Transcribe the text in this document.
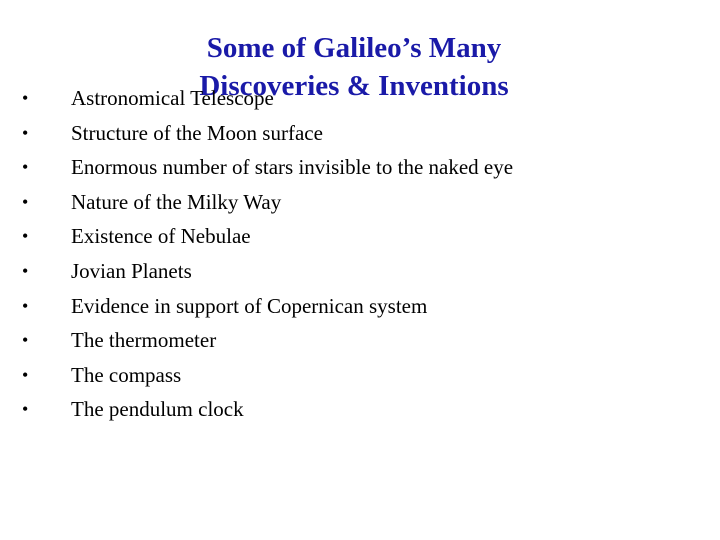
Some of Galileo’s Many
Discoveries & Inventions
•	Astronomical Telescope
•	Structure of the Moon surface
•	Enormous number of stars invisible to the naked eye
•	Nature of the Milky Way
•	Existence of Nebulae
•	Jovian Planets
•	Evidence in support of Copernican system
•	The thermometer
•	The compass
•	The pendulum clock
